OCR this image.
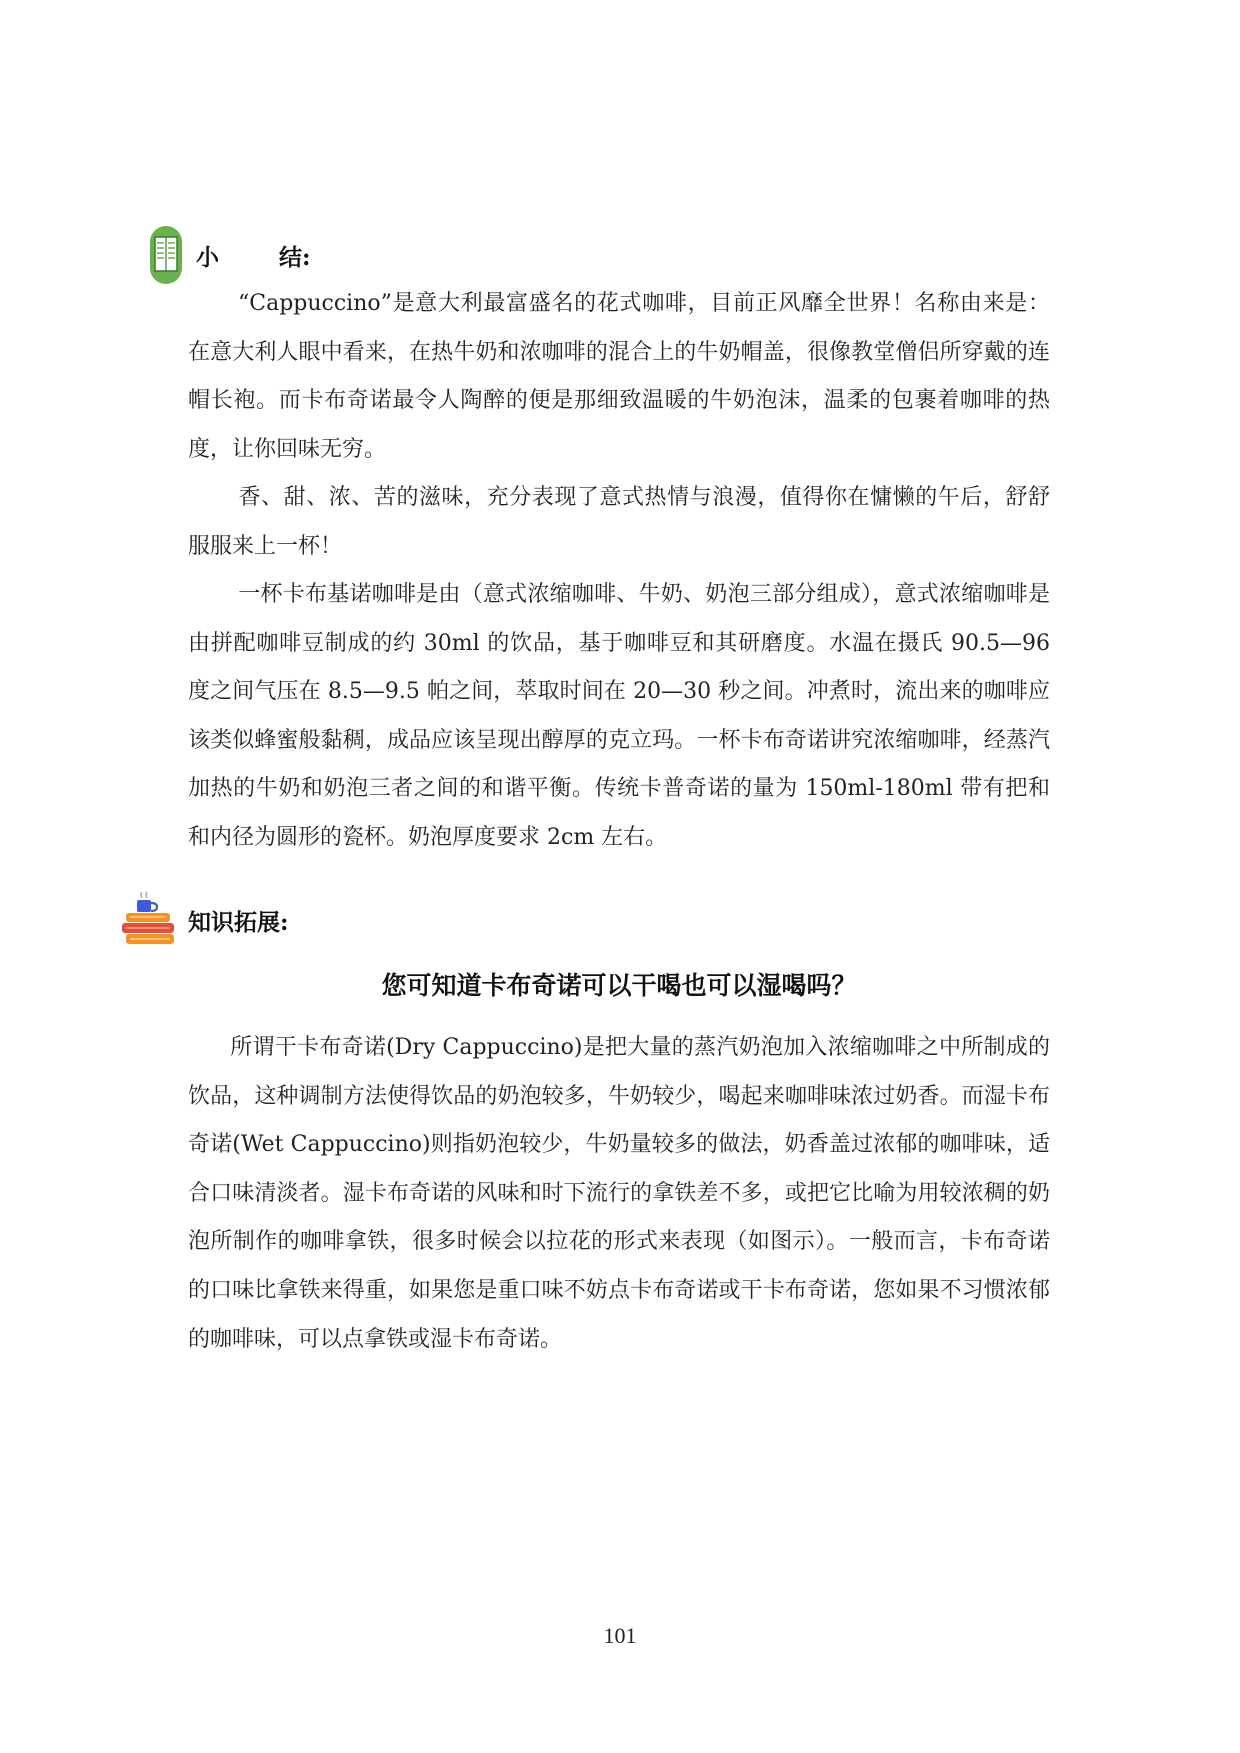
小	结:

“Cappuccino”是意大利最富盛名的花式咖啡，目前正风靡全世界！名称由来是：在意大利人眼中看来，在热牛奶和浓咖啡的混合上的牛奶帽盖，很像教堂僧侣所穿戴的连帽长袍。而卡布奇诺最令人陶醉的便是那细致温暖的牛奶泡沫，温柔的包裹着咖啡的热度，让你回味无穷。

香、甜、浓、苦的滋味，充分表现了意式热情与浪漫，值得你在慵懒的午后，舒舒服服来上一杯！

一杯卡布基诺咖啡是由（意式浓缩咖啡、牛奶、奶泡三部分组成），意式浓缩咖啡是由拼配咖啡豆制成的约 30ml 的饮品，基于咖啡豆和其研磨度。水温在摄氏 90.5—96 度之间气压在 8.5—9.5 帕之间，萃取时间在 20—30 秒之间。冲煮时，流出来的咖啡应该类似蜂蜜般黏稠，成品应该呈现出醇厚的克立玛。一杯卡布奇诺讲究浓缩咖啡，经蒸汽加热的牛奶和奶泡三者之间的和谐平衡。传统卡普奇诺的量为 150ml-180ml 带有把和和内径为圆形的瓷杯。奶泡厚度要求 2cm 左右。

知识拓展:
您可知道卡布奇诺可以干喝也可以湿喝吗？

所谓干卡布奇诺(Dry Cappuccino)是把大量的蒸汽奶泡加入浓缩咖啡之中所制成的饮品，这种调制方法使得饮品的奶泡较多，牛奶较少，喝起来咖啡味浓过奶香。而湿卡布奇诺(Wet Cappuccino)则指奶泡较少，牛奶量较多的做法，奶香盖过浓郁的咖啡味，适合口味清淡者。湿卡布奇诺的风味和时下流行的拿铁差不多，或把它比喻为用较浓稠的奶泡所制作的咖啡拿铁，很多时候会以拉花的形式来表现（如图示）。一般而言，卡布奇诺的口味比拿铁来得重，如果您是重口味不妨点卡布奇诺或干卡布奇诺，您如果不习惯浓郁的咖啡味，可以点拿铁或湿卡布奇诺。

101
